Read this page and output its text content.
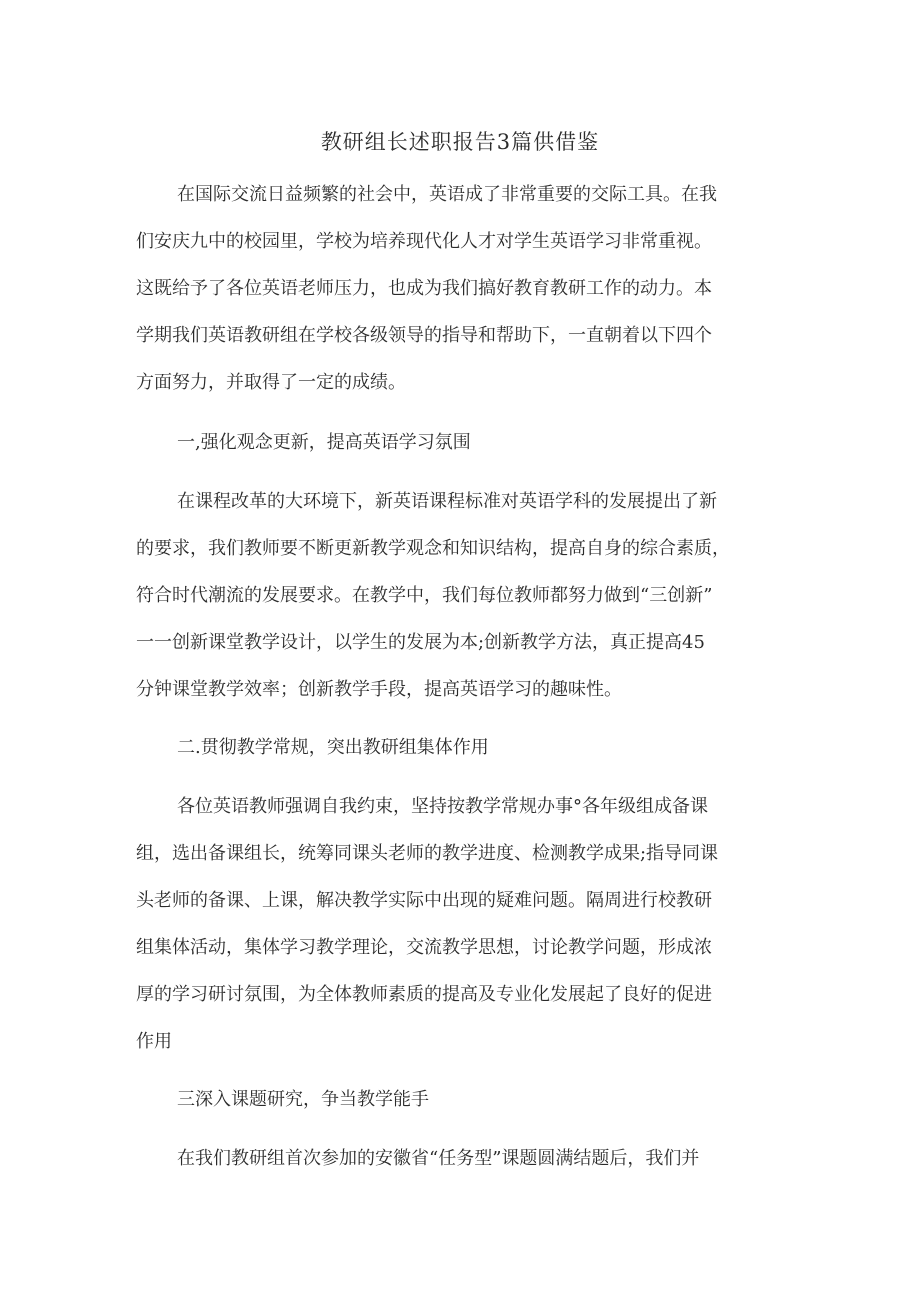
教研组长述职报告3篇供借鉴
在国际交流日益频繁的社会中，英语成了非常重要的交际工具。在我
们安庆九中的校园里，学校为培养现代化人才对学生英语学习非常重视。
这既给予了各位英语老师压力，也成为我们搞好教育教研工作的动力。本
学期我们英语教研组在学校各级领导的指导和帮助下，一直朝着以下四个
方面努力，并取得了一定的成绩。
一,强化观念更新，提高英语学习氛围
在课程改革的大环境下，新英语课程标准对英语学科的发展提出了新
的要求，我们教师要不断更新教学观念和知识结构，提高自身的综合素质，
符合时代潮流的发展要求。在教学中，我们每位教师都努力做到“三创新”
一一创新课堂教学设计，以学生的发展为本;创新教学方法，真正提高45
分钟课堂教学效率；创新教学手段，提高英语学习的趣味性。
二.贯彻教学常规，突出教研组集体作用
各位英语教师强调自我约束，坚持按教学常规办事°各年级组成备课
组，选出备课组长，统筹同课头老师的教学进度、检测教学成果;指导同课
头老师的备课、上课，解决教学实际中出现的疑难问题。隔周进行校教研
组集体活动，集体学习教学理论，交流教学思想，讨论教学问题，形成浓
厚的学习研讨氛围，为全体教师素质的提高及专业化发展起了良好的促进
作用
三深入课题研究，争当教学能手
在我们教研组首次参加的安徽省“任务型”课题圆满结题后，我们并
